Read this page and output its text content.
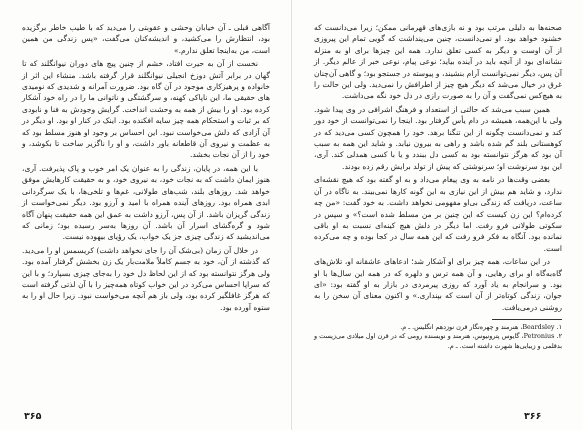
آگاهی قبلی ـ آن خیابان وحشی و عقوبتی را می‌دید که با طیب خاطر برگزیده بود، انتظارش را می‌کشید، و اندیشه‌کنان می‌گفت، «پس زندگی من همین است، من به‌اینجا تعلق ندارم.»

نخست از آن به حیرت افتاد، خشم از چنین پیچ های دوران نیوانگلند که تا گهان در برابر آتش دوزخ انجیلی نیوانگلند قرار گرفته باشد. منشاء این اثر از خانواده و پرهیزکاری موجود در آن گاه بود. ضرورت آمرانه و شدیدی که نومیدی های حقیقی ما، این ناپاکی کهنه، و سرگشتگی و ناتوانی ما را در راه خود آشکار کرده بود. او را بیش از همه به وحشت انداخت. گرایش وجودش به فنا و نابودی که بر ثبات و استحکام همه چیز سایه افکنده بود. اینک در کنار او بود. او دیگر در آن آزادی که دلش می‌خواست نبود. این احساس بر وجود او هنوز مسلط بود که به عظمت و نیروی آن قاطعانه باور داشت، و او را ناگزیر ساخت تا بکوشد، و خود را از آن نجات بخشد.

با این همه، در پایان، زندگی را به عنوان یک امر خوب و پاک پذیرفت. آری، هنوز ایمان داشت که به نجات خود، به نیروی خود، و به حقیقت کارهایش موفق خواهد شد. روزهای بلند، شب‌های طولانی، غم‌ها و تلخی‌ها، با یک سرگردانی ابدی همراه بود. روزهای آینده همراه با امید و آرزو بود. دیگر نمی‌خواست از زندگی گریزان باشد. از آن پس، آرزو داشت به عمق این همه حقیقت پنهان آگاه شود و گره‌گشای اسرار آن باشد. آن روزها به‌سر رسیده بود؛ زمانی که می‌اندیشید که زندگی چیزی جز یک خواب، یک رؤیای بیهوده نیست.

در خلال آن زمان (بی‌شک آن را جای نخواهد داشت) کریسمس او را می‌دید. که گذشته از آن، خود به جسم کاملاً ملامت‌بار یک زن بخشش گرفتار آمده بود. ولی هرگز نتوانسته بود که از این لحاظ دل خود را به‌جای چیزی بسپارد؛ و با این که سراپا احساس می‌کرد در این خواب کوتاه همه‌چیز را با آن لذتی گرفته است که هرگز غافلگیر کرده بود، ولی باز هم آنچه می‌خواست نبود. زیرا حال او را به ستوه آورده بود.

۳۶۵

صحنه‌ها به دلیلی مرتب بود و نه بازی‌های قهرمانی ممکن؛ زیرا می‌دانست که خشنود خواهد بود. او نمی‌دانست، چنین می‌پنداشت که گویی تمام این پیروزی از آن اوست و دیگر به کسی تعلق ندارد. همه این چیزها برای او به منزله نشانه‌ای بود از آنچه باید در آینده بیاید؛ نوعی پیام، نوعی خبر از عالم دیگر. از آن پس، دیگر نمی‌توانست آرام بنشیند، و پیوسته در جستجو بود؛ و گاهی آن‌چنان غرق در خیال می‌شد که دیگر هیچ چیز از اطرافش را نمی‌دید. ولی این حالت را به هیچ‌کس نمی‌گفت و آن را به صورت رازی در دل خود نگه می‌داشت.

همین سبب می‌شد که حالتی از استعداد و فرهنگ اشرافی در وی پیدا شود. ولی با این‌همه، همیشه در دام یأس گرفتار بود. اینجا را نمی‌توانست از خود دور کند و نمی‌دانست چگونه از این تنگنا برهد. خود را همچون کسی می‌دید که در کوهستانی بلند گم شده باشد و راهی به بیرون نیابد. و شاید این همه به سبب آن بود که هرگز نتوانسته بود به کسی دل ببندد و یا با کسی همدلی کند. آری، این بود سرنوشت او؛ سرنوشتی که پیش از تولد برایش رقم زده بودند.

بعضی وقت‌ها در نامه به وی پیغام می‌داد و به او گفته بود که هیچ نقشه‌ای ندارد، و شاید هم بیش از این نیازی به این گونه کارها نمی‌بیند. به ناگاه در آن ساعت، دریافت که زندگی بی‌او مفهومی نخواهد داشت. به خود گفت: «من چه کرده‌ام؟ این زن کیست که این چنین بر من مسلط شده است؟» و سپس در سکوتی طولانی فرو رفت. اما دیگر در دلش هیچ کینه‌ای نسبت به او باقی نمانده بود. آنگاه به فکر فرو رفت که این همه سال در کجا بوده و چه می‌کرده است.

در این ساعات، همه چیز برای او آشکار شد؛ ادعاهای عاشقانه او، تلاش‌های گاه‌به‌گاه او برای رهایی، و آن همه ترس و دلهره که در همه این سال‌ها با او بود. و سرانجام به یاد آورد که روزی پیرمردی در بازار به او گفته بود: «ای جوان، زندگی کوتاه‌تر از آن است که بپنداری.» و اکنون معنای آن سخن را به روشنی درمی‌یافت.

۱. Beardsley، هنرمند و چهره‌نگار قرن نوزدهم انگلیس. ـ م.

۲. Petronius، گایوس پترونیوس، هنرمند و نویسنده رومی که در قرن اول میلادی می‌زیست و بدقلمی و زیبایی‌ها شهرت داشته است. ـ م.

۳۶۶
